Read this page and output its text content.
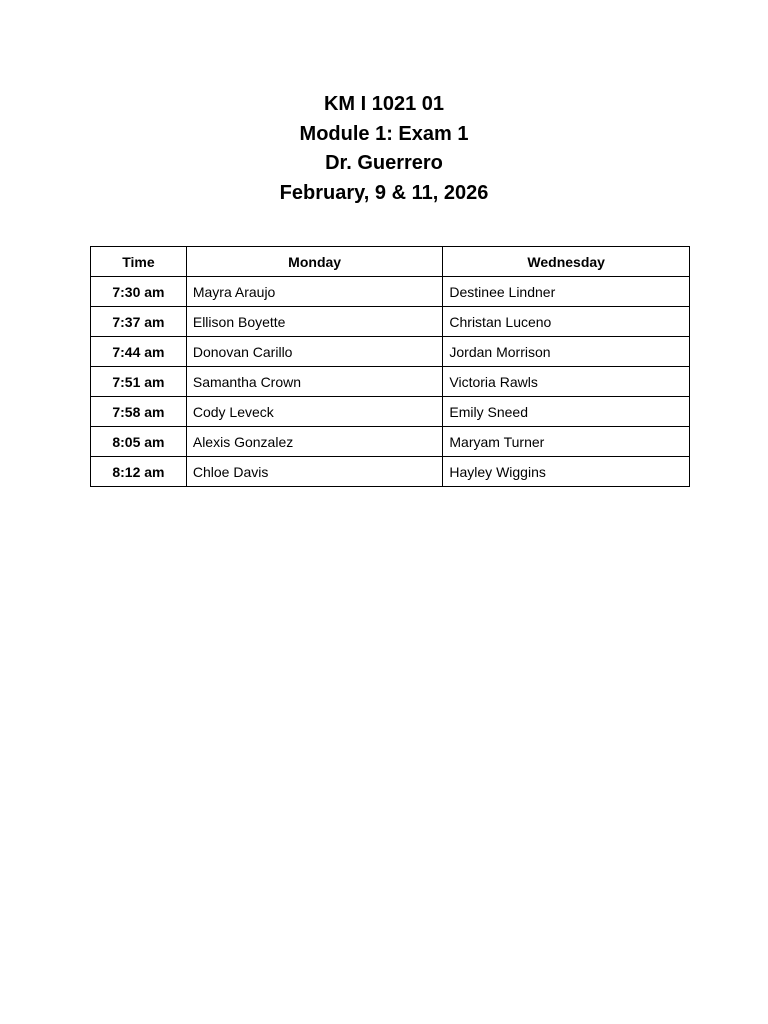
KM I 1021 01

Module 1: Exam 1

Dr. Guerrero

February, 9 & 11, 2026

Time	Monday	Wednesday
7:30 am	Mayra Araujo	Destinee Lindner
7:37 am	Ellison Boyette	Christan Luceno
7:44 am	Donovan Carillo	Jordan Morrison
7:51 am	Samantha Crown	Victoria Rawls
7:58 am	Cody Leveck	Emily Sneed
8:05 am	Alexis Gonzalez	Maryam Turner
8:12 am	Chloe Davis	Hayley Wiggins
